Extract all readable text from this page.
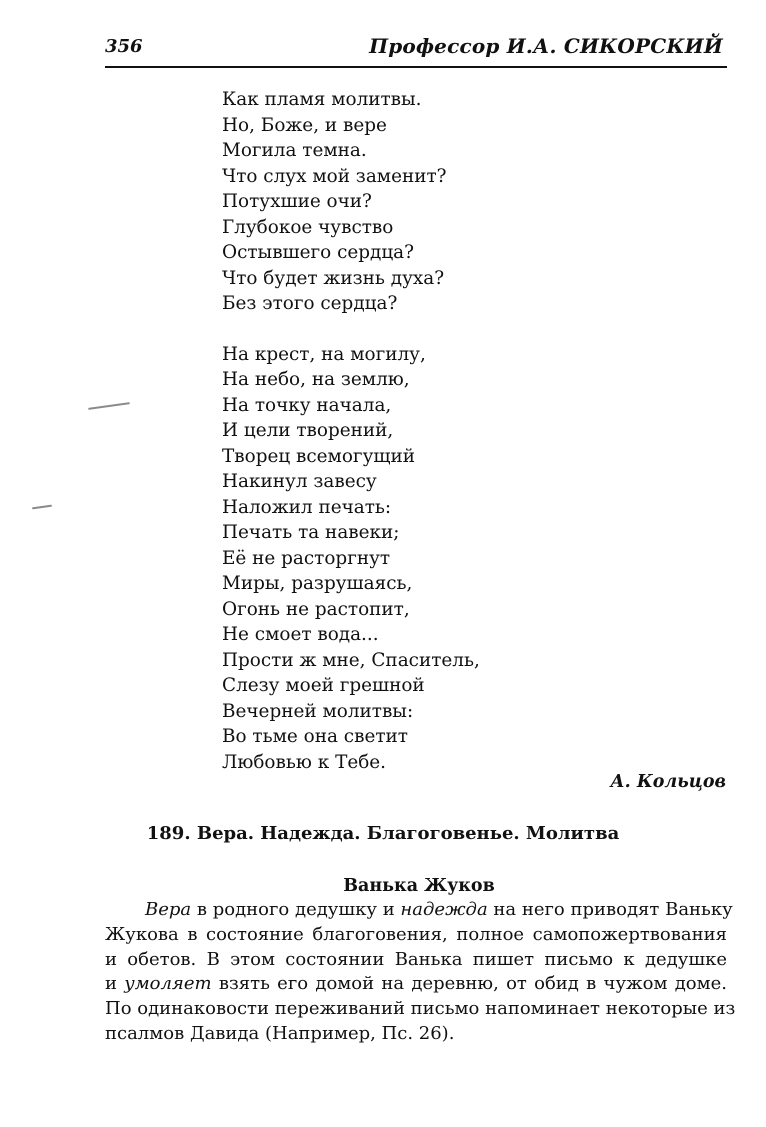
356	Профессор И.А. СИКОРСКИЙ
Как пламя молитвы.
Но, Боже, и вере
Могила темна.
Что слух мой заменит?
Потухшие очи?
Глубокое чувство
Остывшего сердца?
Что будет жизнь духа?
Без этого сердца?
На крест, на могилу,
На небо, на землю,
На точку начала,
И цели творений,
Творец всемогущий
Накинул завесу
Наложил печать:
Печать та навеки;
Её не расторгнут
Миры, разрушаясь,
Огонь не растопит,
Не смоет вода...
Прости ж мне, Спаситель,
Слезу моей грешной
Вечерней молитвы:
Во тьме она светит
Любовью к Тебе.
А. Кольцов
189. Вера. Надежда. Благоговенье. Молитва
Ванька Жуков
Вера в родного дедушку и надежда на него приводят Ваньку
Жукова в состояние благоговения, полное самопожертвования
и обетов. В этом состоянии Ванька пишет письмо к дедушке
и умоляет взять его домой на деревню, от обид в чужом доме.
По одинаковости переживаний письмо напоминает некоторые из
псалмов Давида (Например, Пс. 26).
